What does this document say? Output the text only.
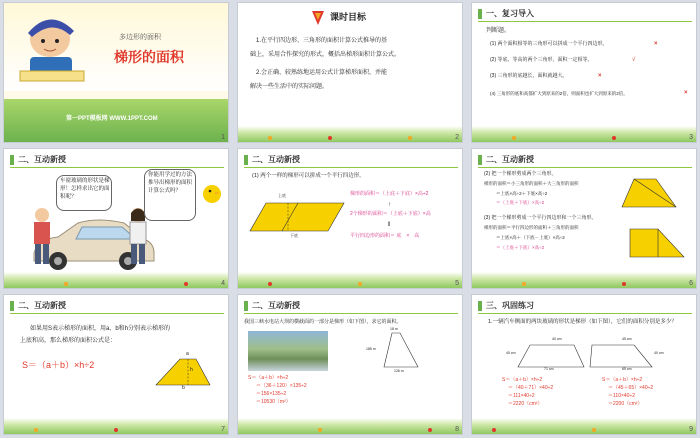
多边形的面积
梯形的面积
第一PPT模板网 WWW.1PPT.COM
1
课时目标
1.在平行四边形、三角形的面积计算公式推导的基
础上，采用合作探究的形式，概括出梯形面积计算公式。
2.会正确、较熟练地运用公式计算梯形面积，并能
解决一些生活中的实际问题。
2
一、复习导入
判断题。
(1) 两个面积相等的三角形可以拼成一个平行四边形。	×
(2) 等底、等高的两个三角形，面积一定相等。	√
(3) 三角形的底越长，面积就越大。	×
(4) 三角形的底和高都扩大到原来的2倍，则面积也扩大到原来的2倍。	×
3
二、互动新授
车窗玻璃的形状是梯形！怎样求出它的面积呢？
你能用学过的方法推导出梯形的面积计算公式吗？
4
二、互动新授
(1) 两个一样的梯形可以拼成一个平行四边形。
上底
下底
梯形的面积＝（上底＋下底）×高÷2
↑
2个梯形的面积＝（上底＋下底）×高
‖
平行四边形的面积＝ 底　×　高
5
二、互动新授
(2) 把一个梯形剪成两个三角形。
梯形的面积＝小三角形的面积＋大三角形的面积
＝上底×高÷2＋下底×高÷2
＝（上底＋下底）×高÷2
(3) 把一个梯形剪成一个平行四边形和一个三角形。
梯形的面积＝平行四边形的面积＋三角形的面积
＝上底×高＋（下底－上底）×高÷2
＝（上底＋下底）×高÷2
6
二、互动新授
如果用S表示梯形的面积，用a、b和h分别表示梯形的
上底和高，那么梯形的面积公式是：
S＝（a＋b）×h÷2
a
h
b
7
二、互动新授
我国三峡水电站大坝的横截面的一部分是梯形（如下图），求它的面积。
18 m
185 m
126 m
S＝（a＋b）×h÷2
＝（36＋120）×135÷2
＝156×135÷2
＝10530（m²）
8
三、巩固练习
1.一辆汽车侧面的两块玻璃的形状是梯形（如下图），它们的面积分别是多少？
40 cm
71 cm
45 cm
65 cm
40 cm	40 cm
S＝（a＋b）×h÷2
＝（40＋71）×40÷2
＝111×40÷2
＝2220（cm²）
S＝（a＋b）×h÷2
＝（45＋65）×40÷2
＝110×40÷2
＝2200（cm²）
9
